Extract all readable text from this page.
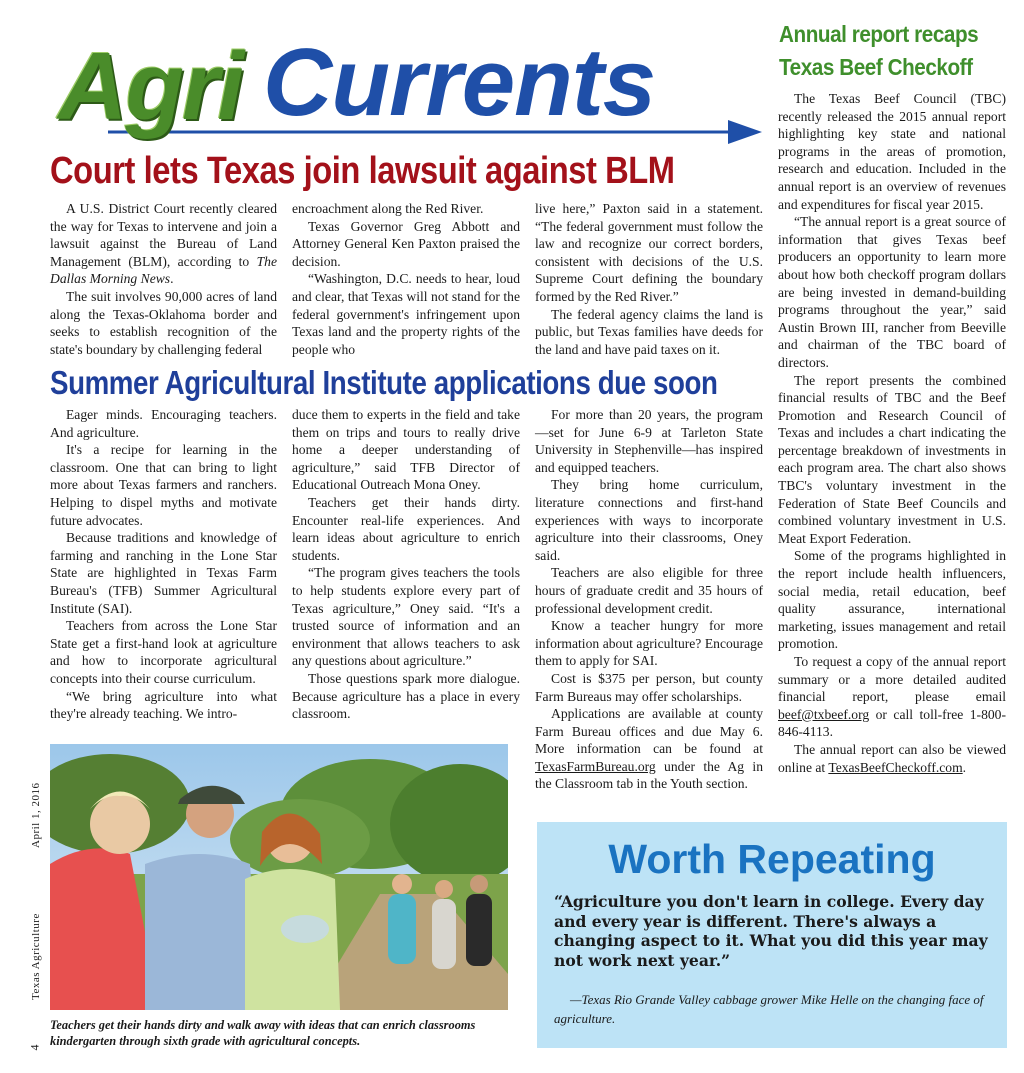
Agri Currents
Court lets Texas join lawsuit against BLM

A U.S. District Court recently cleared the way for Texas to intervene and join a lawsuit against the Bureau of Land Management (BLM), according to The Dallas Morning News.

The suit involves 90,000 acres of land along the Texas-Oklahoma border and seeks to establish recognition of the state's boundary by challenging federal

encroachment along the Red River.

Texas Governor Greg Abbott and Attorney General Ken Paxton praised the decision.

“Washington, D.C. needs to hear, loud and clear, that Texas will not stand for the federal government's infringement upon Texas land and the property rights of the people who

live here,” Paxton said in a statement. “The federal government must follow the law and recognize our correct borders, consistent with decisions of the U.S. Supreme Court defining the boundary formed by the Red River.”

The federal agency claims the land is public, but Texas families have deeds for the land and have paid taxes on it.

Summer Agricultural Institute applications due soon

Eager minds. Encouraging teachers. And agriculture.

It's a recipe for learning in the classroom. One that can bring to light more about Texas farmers and ranchers. Helping to dispel myths and motivate future advocates.

Because traditions and knowledge of farming and ranching in the Lone Star State are highlighted in Texas Farm Bureau's (TFB) Summer Agricultural Institute (SAI).

Teachers from across the Lone Star State get a first-hand look at agriculture and how to incorporate agricultural concepts into their course curriculum.

“We bring agriculture into what they're already teaching. We intro-

duce them to experts in the field and take them on trips and tours to really drive home a deeper understanding of agriculture,” said TFB Director of Educational Outreach Mona Oney.

Teachers get their hands dirty. Encounter real-life experiences. And learn ideas about agriculture to enrich students.

“The program gives teachers the tools to help students explore every part of Texas agriculture,” Oney said. “It's a trusted source of information and an environment that allows teachers to ask any questions about agriculture.”

Those questions spark more dialogue. Because agriculture has a place in every classroom.

For more than 20 years, the program—set for June 6-9 at Tarleton State University in Stephenville—has inspired and equipped teachers.

They bring home curriculum, literature connections and first-hand experiences with ways to incorporate agriculture into their classrooms, Oney said.

Teachers are also eligible for three hours of graduate credit and 35 hours of professional development credit.

Know a teacher hungry for more information about agriculture? Encourage them to apply for SAI.

Cost is $375 per person, but county Farm Bureaus may offer scholarships.

Applications are available at county Farm Bureau offices and due May 6. More information can be found at TexasFarmBureau.org under the Ag in the Classroom tab in the Youth section.

Annual report recaps Texas Beef Checkoff

The Texas Beef Council (TBC) recently released the 2015 annual report highlighting key state and national programs in the areas of promotion, research and education. Included in the annual report is an overview of revenues and expenditures for fiscal year 2015.

“The annual report is a great source of information that gives Texas beef producers an opportunity to learn more about how both checkoff program dollars are being invested in demand-building programs throughout the year,” said Austin Brown III, rancher from Beeville and chairman of the TBC board of directors.

The report presents the combined financial results of TBC and the Beef Promotion and Research Council of Texas and includes a chart indicating the percentage breakdown of investments in each program area. The chart also shows TBC's voluntary investment in the Federation of State Beef Councils and combined voluntary investment in U.S. Meat Export Federation.

Some of the programs highlighted in the report include health influencers, social media, retail education, beef quality assurance, international marketing, issues management and retail promotion.

To request a copy of the annual report summary or a more detailed audited financial report, please email beef@txbeef.org or call toll-free 1-800-846-4113.

The annual report can also be viewed online at TexasBeefCheckoff.com.

Teachers get their hands dirty and walk away with ideas that can enrich classrooms kindergarten through sixth grade with agricultural concepts.
April 1, 2016
Texas Agriculture
4
Worth Repeating
“Agriculture you don't learn in college. Every day and every year is different. There's always a changing aspect to it. What you did this year may not work next year.”
—Texas Rio Grande Valley cabbage grower Mike Helle on the changing face of agriculture.
